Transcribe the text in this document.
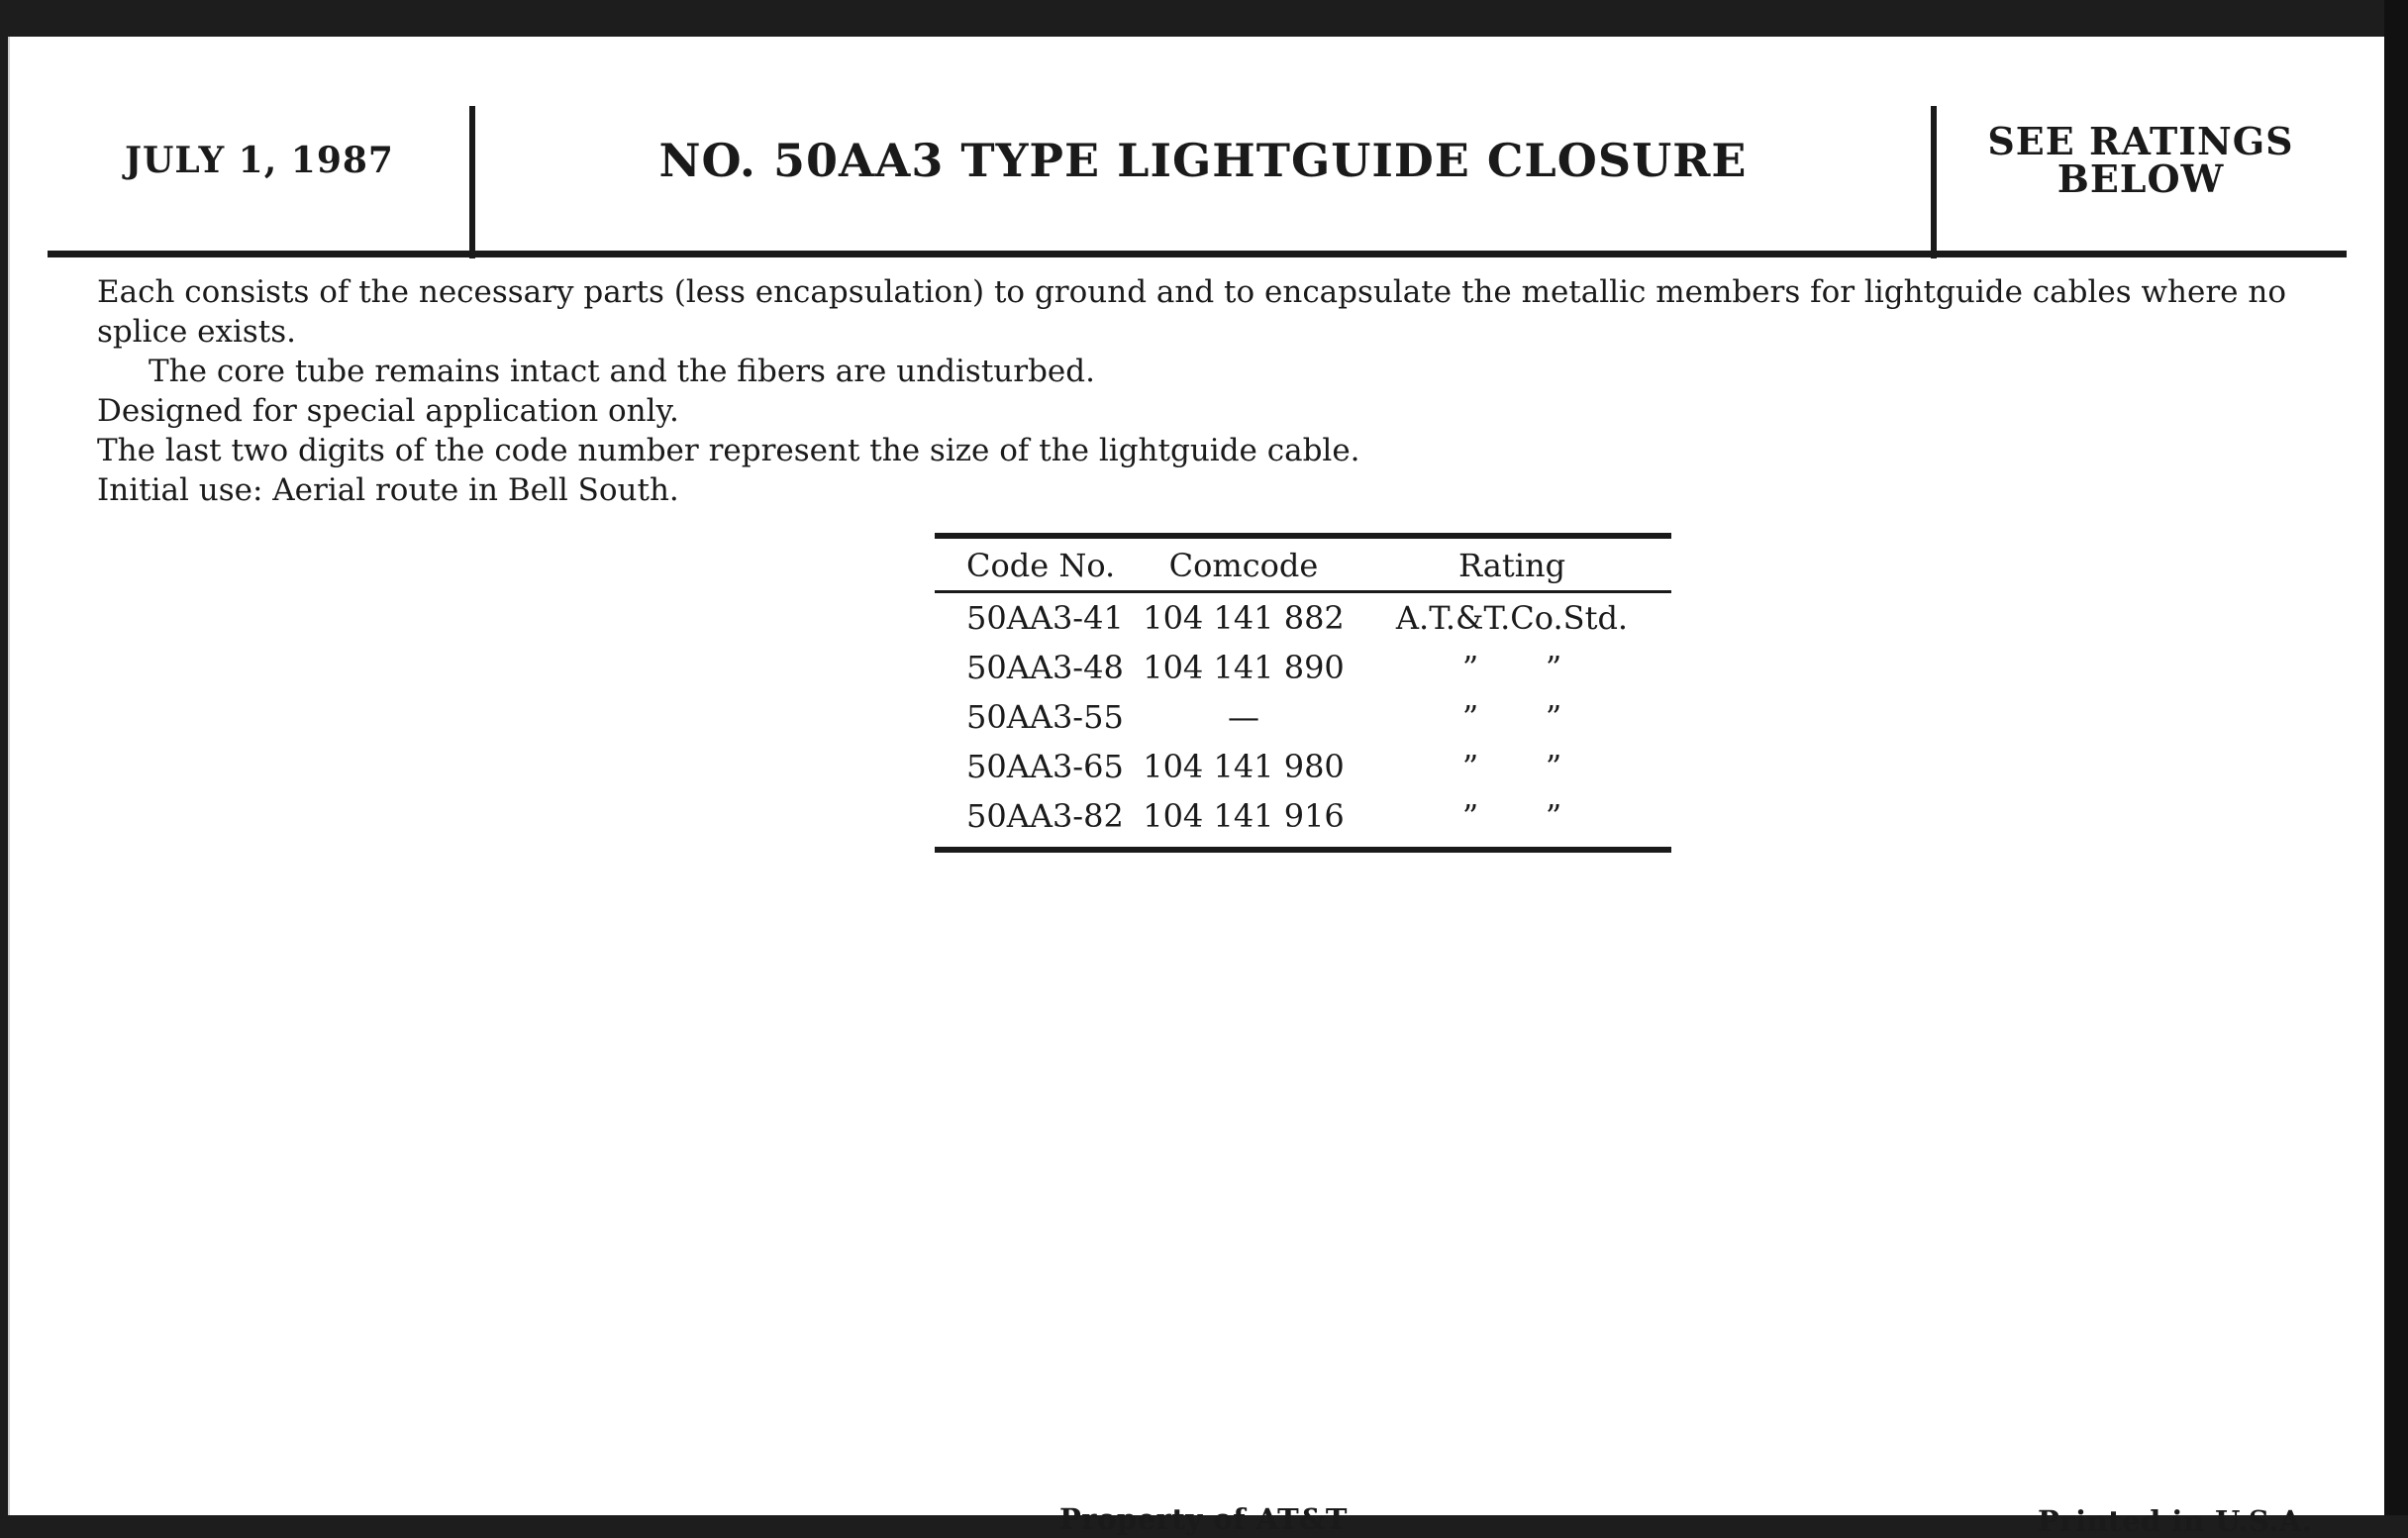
JULY 1, 1987	NO. 50AA3 TYPE LIGHTGUIDE CLOSURE	SEE RATINGS
BELOW

Each consists of the necessary parts (less encapsulation) to ground and to encapsulate the metallic members for lightguide cables where no splice exists.

The core tube remains intact and the fibers are undisturbed.

Designed for special application only.

The last two digits of the code number represent the size of the lightguide cable.

Initial use: Aerial route in Bell South.

Code No.	Comcode	Rating
50AA3-41 104 141 882	A.T.&T.Co.Std.
50AA3-48 104 141 890	” ”
50AA3-55	—	” ”
50AA3-65 104 141 980	” ”
50AA3-82 104 141 916	” ”
Property of AT&T	Printed in U.S.A.
